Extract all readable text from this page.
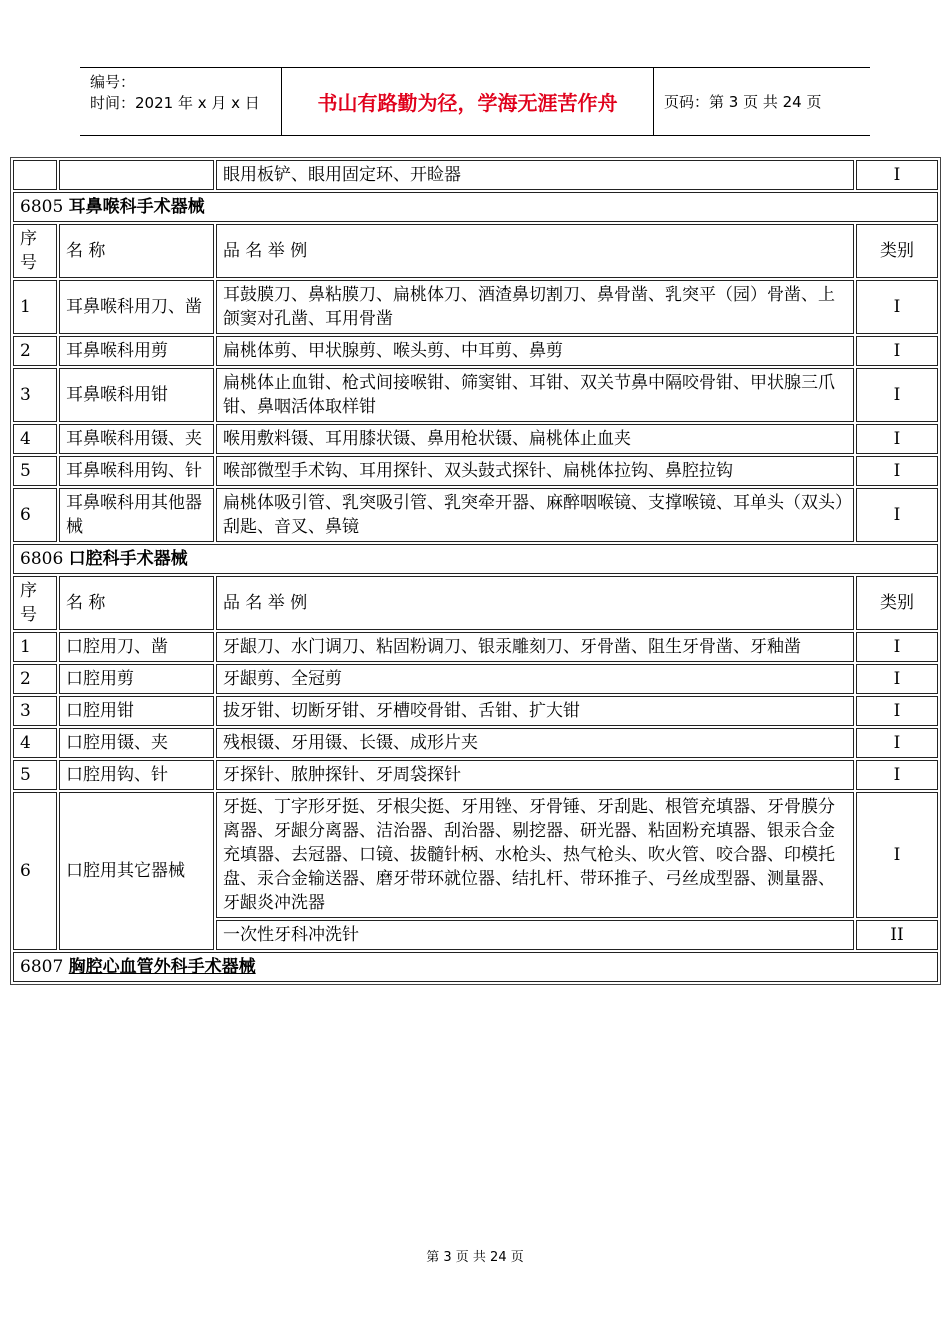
编号：
时间：2021 年 x 月 x 日	书山有路勤为径，学海无涯苦作舟	页码：第 3 页 共 24 页
		眼用板铲、眼用固定环、开睑器	I
6805 耳鼻喉科手术器械			
序号	名 称	品 名 举 例	类别
1	耳鼻喉科用刀、凿	耳鼓膜刀、鼻粘膜刀、扁桃体刀、酒渣鼻切割刀、鼻骨凿、乳突平（园）骨凿、上颌窦对孔凿、耳用骨凿	I
2	耳鼻喉科用剪	扁桃体剪、甲状腺剪、喉头剪、中耳剪、鼻剪	I
3	耳鼻喉科用钳	扁桃体止血钳、枪式间接喉钳、筛窦钳、耳钳、双关节鼻中隔咬骨钳、甲状腺三爪钳、鼻咽活体取样钳	I
4	耳鼻喉科用镊、夹	喉用敷料镊、耳用膝状镊、鼻用枪状镊、扁桃体止血夹	I
5	耳鼻喉科用钩、针	喉部微型手术钩、耳用探针、双头鼓式探针、扁桃体拉钩、鼻腔拉钩	I
6	耳鼻喉科用其他器械	扁桃体吸引管、乳突吸引管、乳突牵开器、麻醉咽喉镜、支撑喉镜、耳单头（双头）刮匙、音叉、鼻镜	I
6806 口腔科手术器械			
序号	名 称	品 名 举 例	类别
1	口腔用刀、凿	牙龈刀、水门调刀、粘固粉调刀、银汞雕刻刀、牙骨凿、阻生牙骨凿、牙釉凿	I
2	口腔用剪	牙龈剪、全冠剪	I
3	口腔用钳	拔牙钳、切断牙钳、牙槽咬骨钳、舌钳、扩大钳	I
4	口腔用镊、夹	残根镊、牙用镊、长镊、成形片夹	I
5	口腔用钩、针	牙探针、脓肿探针、牙周袋探针	I
6	口腔用其它器械	牙挺、丁字形牙挺、牙根尖挺、牙用锉、牙骨锤、牙刮匙、根管充填器、牙骨膜分离器、牙龈分离器、洁治器、刮治器、剔挖器、研光器、粘固粉充填器、银汞合金充填器、去冠器、口镜、拔髓针柄、水枪头、热气枪头、吹火管、咬合器、印模托盘、汞合金输送器、磨牙带环就位器、结扎杆、带环推子、弓丝成型器、测量器、牙龈炎冲洗器	I
		一次性牙科冲洗针	II
6807 胸腔心血管外科手术器械			
第 3 页 共 24 页
